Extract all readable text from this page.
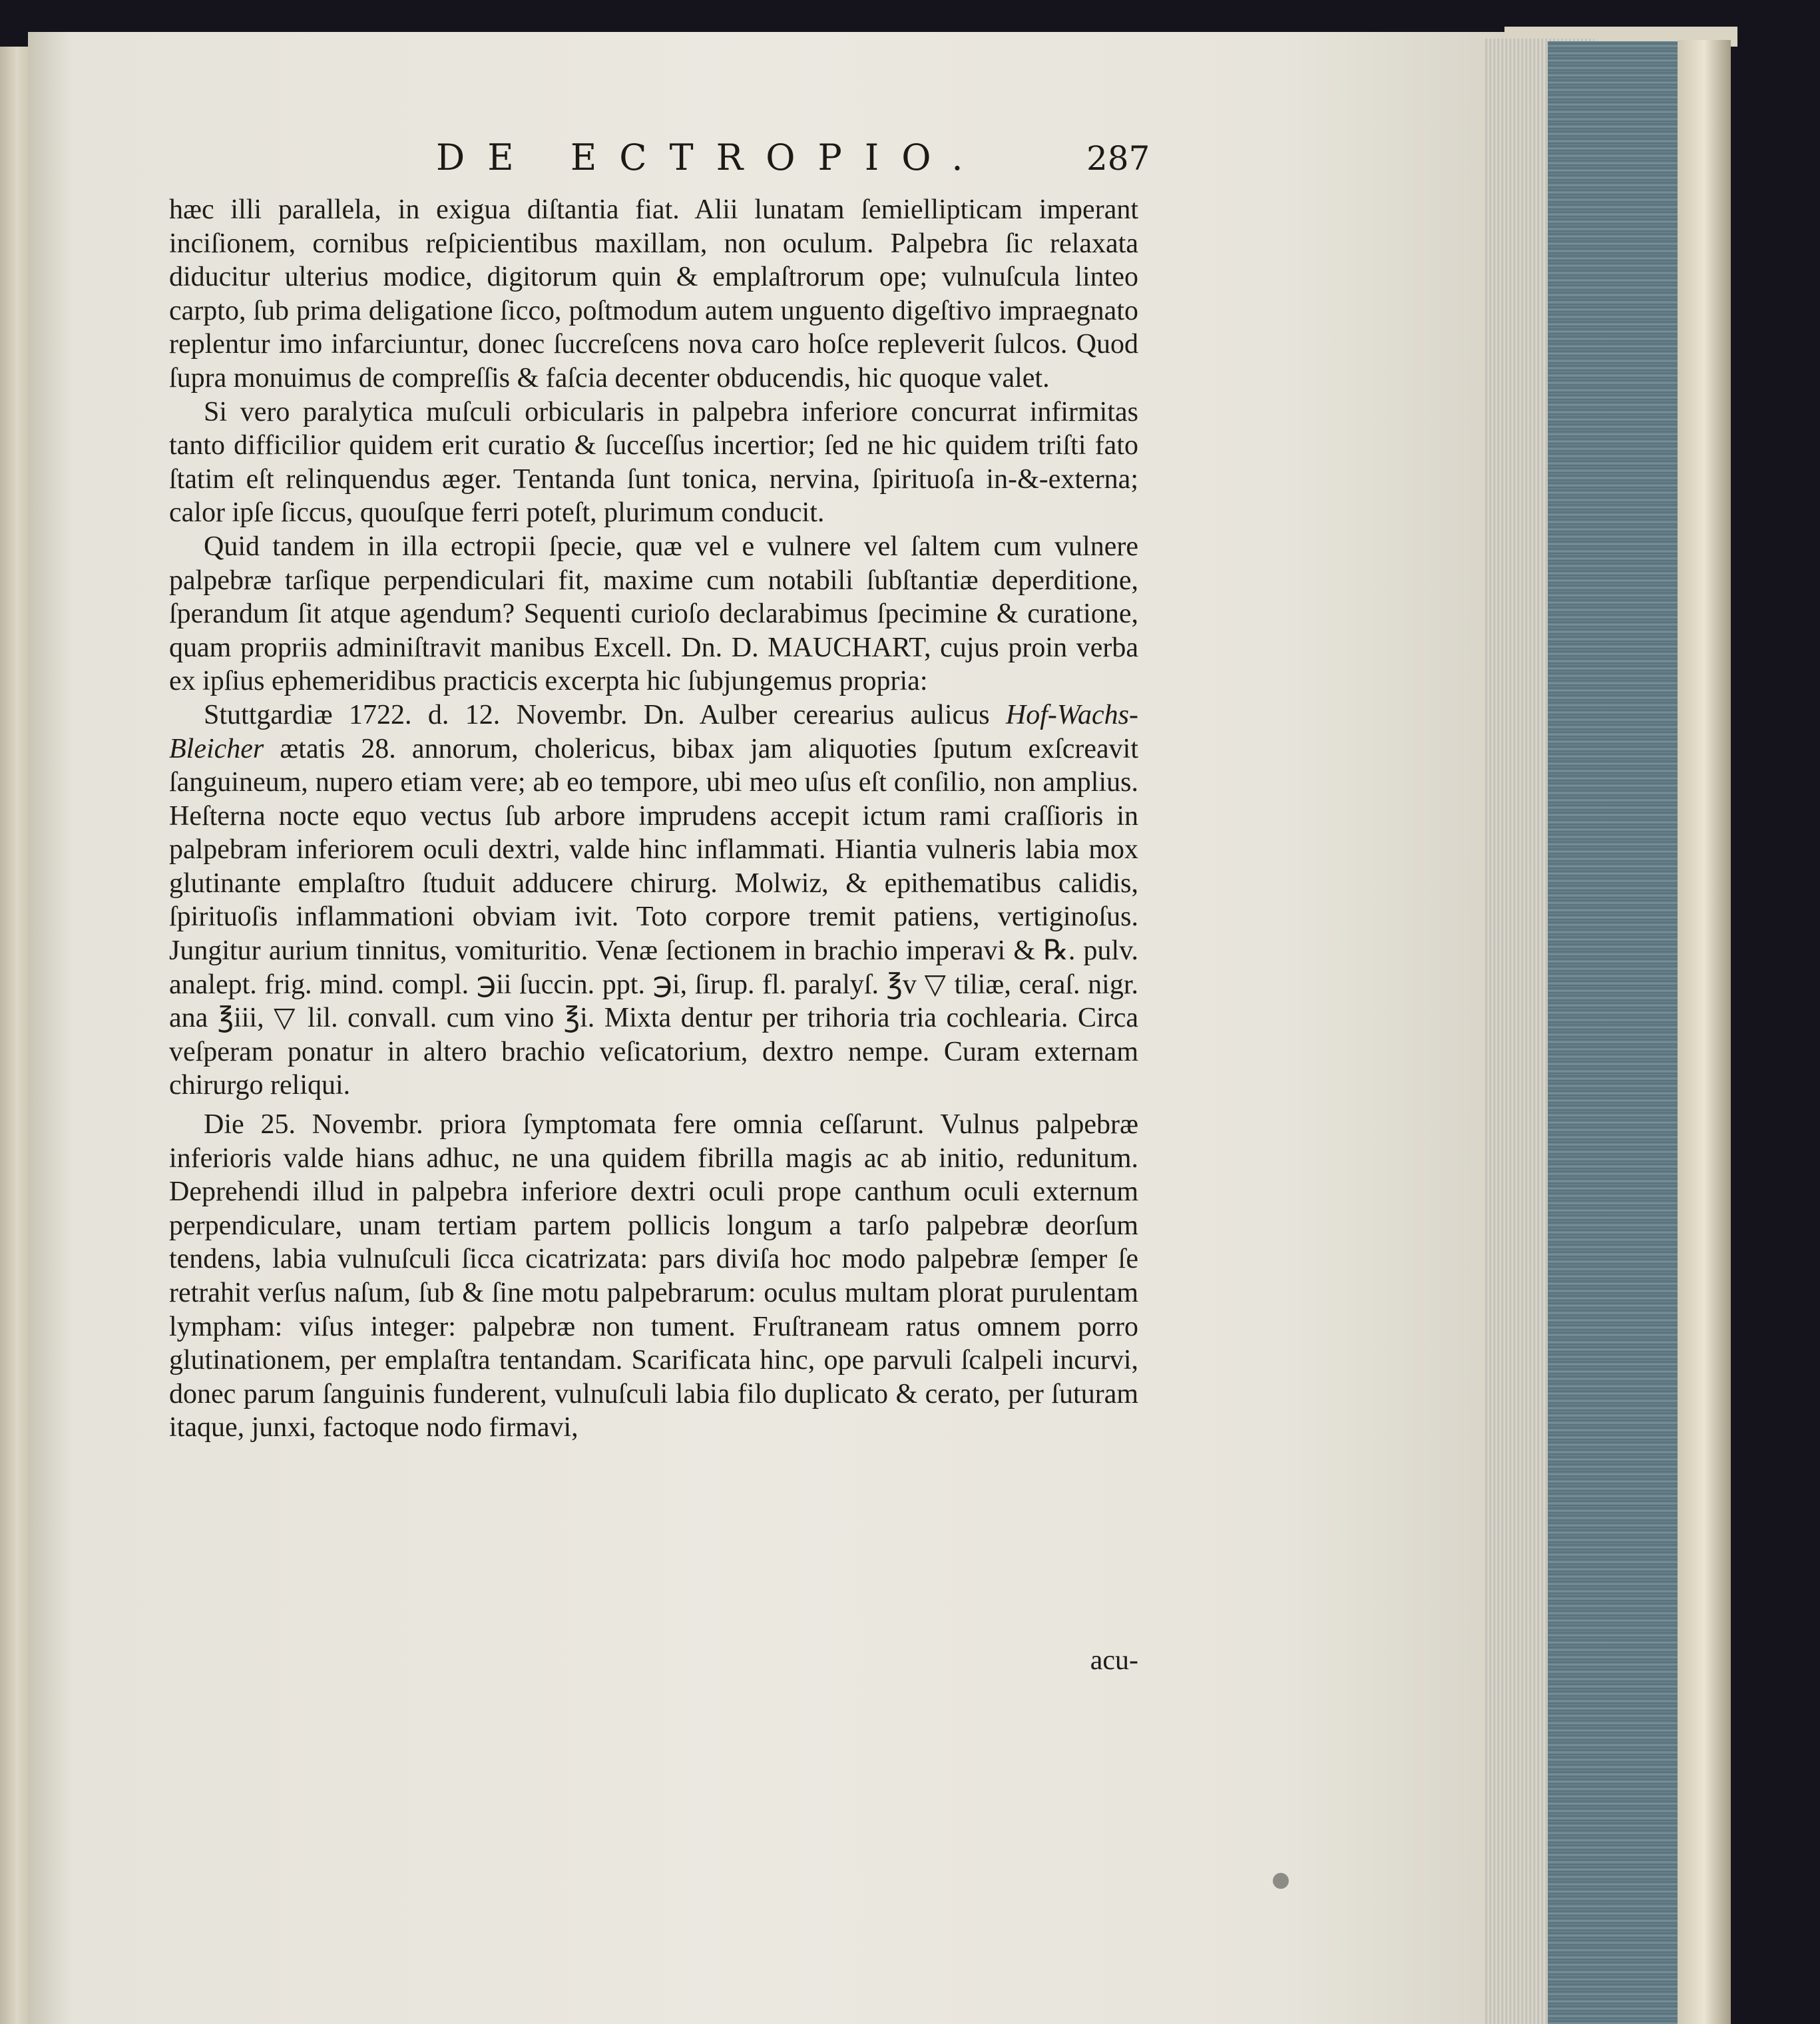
DE ECTROPIO.	287

hæc illi parallela, in exigua diſtantia fiat. Alii lunatam ſemiellipticam imperant inciſionem, cornibus reſpicientibus maxillam, non oculum. Palpebra ſic relaxata diducitur ulterius modice, digitorum quin & emplaſtrorum ope; vulnuſcula linteo carpto, ſub prima deligatione ſicco, poſtmodum autem unguento digeſtivo impraegnato replentur imo infarciuntur, donec ſuccreſcens nova caro hoſce repleverit ſulcos. Quod ſupra monuimus de compreſſis & faſcia decenter obducendis, hic quoque valet.

Si vero paralytica muſculi orbicularis in palpebra inferiore concurrat infirmitas tanto difficilior quidem erit curatio & ſucceſſus incertior; ſed ne hic quidem triſti fato ſtatim eſt relinquendus æger. Tentanda ſunt tonica, nervina, ſpirituoſa in-&-externa; calor ipſe ſiccus, quouſque ferri poteſt, plurimum conducit.

Quid tandem in illa ectropii ſpecie, quæ vel e vulnere vel ſaltem cum vulnere palpebræ tarſique perpendiculari fit, maxime cum notabili ſubſtantiæ deperditione, ſperandum ſit atque agendum? Sequenti curioſo declarabimus ſpecimine & curatione, quam propriis adminiſtravit manibus Excell. Dn. D. MAUCHART, cujus proin verba ex ipſius ephemeridibus practicis excerpta hic ſubjungemus propria:

Stuttgardiæ 1722. d. 12. Novembr. Dn. Aulber cerearius aulicus Hof-Wachs-Bleicher ætatis 28. annorum, cholericus, bibax jam aliquoties ſputum exſcreavit ſanguineum, nupero etiam vere; ab eo tempore, ubi meo uſus eſt conſilio, non amplius. Heſterna nocte equo vectus ſub arbore imprudens accepit ictum rami craſſioris in palpebram inferiorem oculi dextri, valde hinc inflammati. Hiantia vulneris labia mox glutinante emplaſtro ſtuduit adducere chirurg. Molwiz, & epithematibus calidis, ſpirituoſis inflammationi obviam ivit. Toto corpore tremit patiens, vertiginoſus. Jungitur aurium tinnitus, vomituritio. Venæ ſectionem in brachio imperavi & ℞. pulv. analept. frig. mind. compl. ℈ii ſuccin. ppt. ℈i, ſirup. fl. paralyſ. ℥v ▽ tiliæ, ceraſ. nigr. ana ℥iii, ▽ lil. convall. cum vino ℥i. Mixta dentur per trihoria tria cochlearia. Circa veſperam ponatur in altero brachio veſicatorium, dextro nempe. Curam externam chirurgo reliqui.

Die 25. Novembr. priora ſymptomata fere omnia ceſſarunt. Vulnus palpebræ inferioris valde hians adhuc, ne una quidem fibrilla magis ac ab initio, redunitum. Deprehendi illud in palpebra inferiore dextri oculi prope canthum oculi externum perpendiculare, unam tertiam partem pollicis longum a tarſo palpebræ deorſum tendens, labia vulnuſculi ſicca cicatrizata: pars diviſa hoc modo palpebræ ſemper ſe retrahit verſus naſum, ſub & ſine motu palpebrarum: oculus multam plorat purulentam lympham: viſus integer: palpebræ non tument. Fruſtraneam ratus omnem porro glutinationem, per emplaſtra tentandam. Scarificata hinc, ope parvuli ſcalpeli incurvi, donec parum ſanguinis funderent, vulnuſculi labia filo duplicato & cerato, per ſuturam itaque, junxi, factoque nodo firmavi,

acu-
